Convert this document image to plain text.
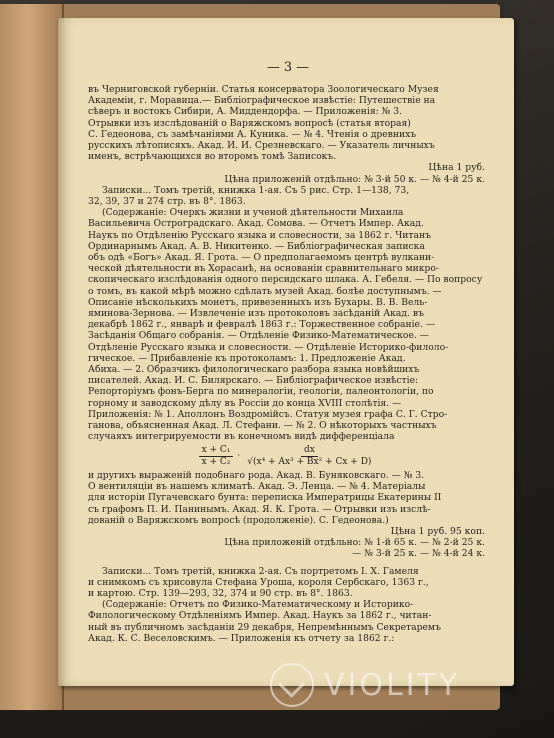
— 3 —

въ Черниговской губерніи. Статья консерватора Зоологическаго Музея

Академіи, г. Моравица.— Библіографическое извѣстіе: Путешествіе на

сѣверъ и востокъ Сибири, А. Миддендорфа. — Приложенія: № 3.

Отрывки изъ изслѣдованій о Варяжскомъ вопросѣ (статья вторая)

С. Гедеонова, съ замѣчаніями А. Куника. — № 4. Чтенія о древнихъ

русскихъ лѣтописяхъ. Акад. И. И. Срезневскаго. — Указатель личныхъ

именъ, встрѣчающихся во второмъ томѣ Записокъ.

Цѣна 1 руб.

Цѣна приложеній отдѣльно: № 3-й 50 к. — № 4-й 25 к.

Записки... Томъ третій, книжка 1-ая. Съ 5 рис. Стр. 1—138, 73,

32, 39, 37 и 274 стр. въ 8°. 1863.

(Содержаніе: Очеркъ жизни и ученой дѣятельности Михаила

Васильевича Остроградскаго. Акад. Сомова. — Отчетъ Импер. Акад.

Наукъ по Отдѣленію Русскаго языка и словесности, за 1862 г. Читанъ

Ординарнымъ Акад. А. В. Никитенко. — Библіографическая записка

объ одѣ «Богъ» Акад. Я. Грота. — О предполагаемомъ центрѣ вулкани-

ческой дѣятельности въ Хорасанѣ, на основаніи сравнительнаго микро-

скопическаго изслѣдованія одного персидскаго шлака. А. Гебеля. — По вопросу

о томъ, въ какой мѣрѣ можно сдѣлать музей Акад. болѣе доступнымъ. —

Описаніе нѣсколькихъ монетъ, привезенныхъ изъ Бухары. В. В. Вель-

яминова-Зернова. — Извлеченіе изъ протоколовъ засѣданій Акад. въ

декабрѣ 1862 г., январѣ и февралѣ 1863 г.: Торжественное собраніе. —

Засѣданія Общаго собранія. — Отдѣленіе Физико-Математическое. —

Отдѣленіе Русскаго языка и словесности. — Отдѣленіе Историко-филоло-

гическое. — Прибавленіе къ протоколамъ: 1. Предложеніе Акад.

Абиха. — 2. Образчикъ филологическаго разбора языка новѣйшихъ

писателей. Акад. И. С. Билярскаго. — Библіографическое извѣстіе:

Репорторіумъ фонъ-Берга по минералогіи, геологіи, палеонтологіи, по

горному и заводскому дѣлу въ Россіи до конца XVIII столѣтія. —

Приложенія: № 1. Аполлонъ Воздромійсъ. Статуя музея графа С. Г. Стро-

ганова, объясненная Акад. Л. Стефани. — № 2. О нѣкоторыхъ частныхъ

случаяхъ интегрируемости въ конечномъ видѣ дифференціала

$\frac{\text{x + C₁}}{\text{x + C₂}} \cdot \frac{dx}{\text{√(x⁴ + Ax³ + Bx² + Cx + D)}}$

и другихъ выраженій подобнаго рода. Акад. В. Буняковскаго. — № 3.

О вентиляціи въ нашемъ климатѣ. Акад. Э. Ленца. — № 4. Матеріалы

для исторіи Пугачевскаго бунта: переписка Императрицы Екатерины II

съ графомъ П. И. Панинымъ. Акад. Я. К. Грота. — Отрывки изъ изслѣ-

дованій о Варяжскомъ вопросѣ (продолженіе). С. Гедеонова.)

Цѣна 1 руб. 95 коп.

Цѣна приложеній отдѣльно: № 1-й 65 к. — № 2-й 25 к.

— № 3-й 25 к. — № 4-й 24 к.

Записки... Томъ третій, книжка 2-ая. Съ портретомъ І. Х. Гамеля

и снимкомъ съ хрисовула Стефана Уроша, короля Сербскаго, 1363 г.,

и картою. Стр. 139—293, 32, 374 и 90 стр. въ 8°. 1863.

(Содержаніе: Отчетъ по Физико-Математическому и Историко-

Филологическому Отдѣленіямъ Импер. Акад. Наукъ за 1862 г., читан-

ный въ публичномъ засѣданіи 29 декабря, Непремѣннымъ Секретаремъ

Акад. К. С. Веселовскимъ. — Приложенія къ отчету за 1862 г.:

VIOLITY
